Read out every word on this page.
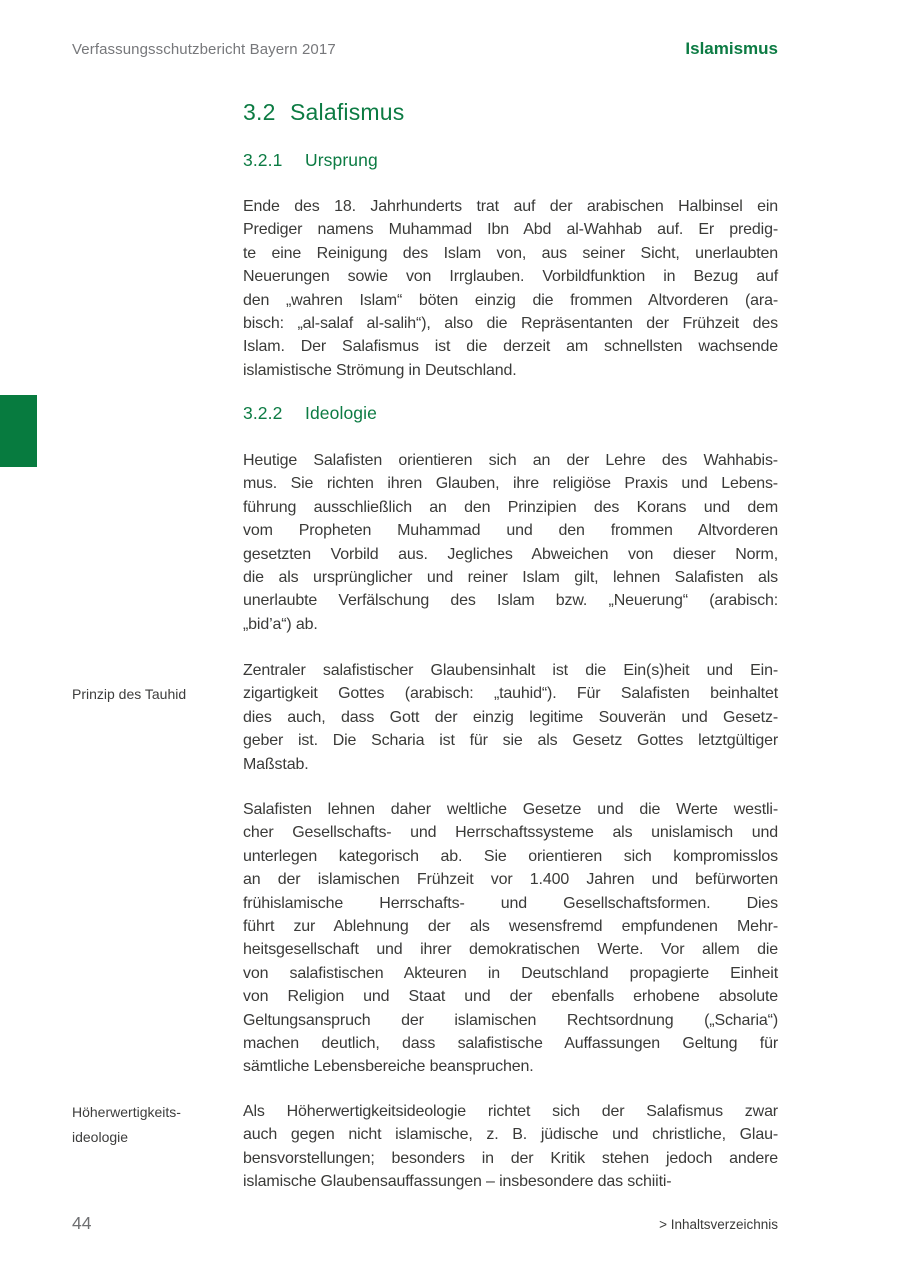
Verfassungsschutzbericht Bayern 2017	Islamismus
3.2 Salafismus
3.2.1 Ursprung
Ende des 18. Jahrhunderts trat auf der arabischen Halbinsel ein
Prediger namens Muhammad Ibn Abd al-Wahhab auf. Er predig-
te eine Reinigung des Islam von, aus seiner Sicht, unerlaubten
Neuerungen sowie von Irrglauben. Vorbildfunktion in Bezug auf
den „wahren Islam“ böten einzig die frommen Altvorderen (ara-
bisch: „al-salaf al-salih“), also die Repräsentanten der Frühzeit des
Islam. Der Salafismus ist die derzeit am schnellsten wachsende
islamistische Strömung in Deutschland.
3.2.2 Ideologie
Heutige Salafisten orientieren sich an der Lehre des Wahhabis-
mus. Sie richten ihren Glauben, ihre religiöse Praxis und Lebens-
führung ausschließlich an den Prinzipien des Korans und dem
vom Propheten Muhammad und den frommen Altvorderen
gesetzten Vorbild aus. Jegliches Abweichen von dieser Norm,
die als ursprünglicher und reiner Islam gilt, lehnen Salafisten als
unerlaubte Verfälschung des Islam bzw. „Neuerung“ (arabisch:
„bid’a“) ab.
Prinzip des Tauhid
Zentraler salafistischer Glaubensinhalt ist die Ein(s)heit und Ein-
zigartigkeit Gottes (arabisch: „tauhid“). Für Salafisten beinhaltet
dies auch, dass Gott der einzig legitime Souverän und Gesetz-
geber ist. Die Scharia ist für sie als Gesetz Gottes letztgültiger
Maßstab.
Salafisten lehnen daher weltliche Gesetze und die Werte westli-
cher Gesellschafts- und Herrschaftssysteme als unislamisch und
unterlegen kategorisch ab. Sie orientieren sich kompromisslos
an der islamischen Frühzeit vor 1.400 Jahren und befürworten
frühislamische Herrschafts- und Gesellschaftsformen. Dies
führt zur Ablehnung der als wesensfremd empfundenen Mehr-
heitsgesellschaft und ihrer demokratischen Werte. Vor allem die
von salafistischen Akteuren in Deutschland propagierte Einheit
von Religion und Staat und der ebenfalls erhobene absolute
Geltungsanspruch der islamischen Rechtsordnung („Scharia“)
machen deutlich, dass salafistische Auffassungen Geltung für
sämtliche Lebensbereiche beanspruchen.
Höherwertigkeits-
ideologie
Als Höherwertigkeitsideologie richtet sich der Salafismus zwar
auch gegen nicht islamische, z. B. jüdische und christliche, Glau-
bensvorstellungen; besonders in der Kritik stehen jedoch andere
islamische Glaubensauffassungen – insbesondere das schiiti-
44	> Inhaltsverzeichnis
